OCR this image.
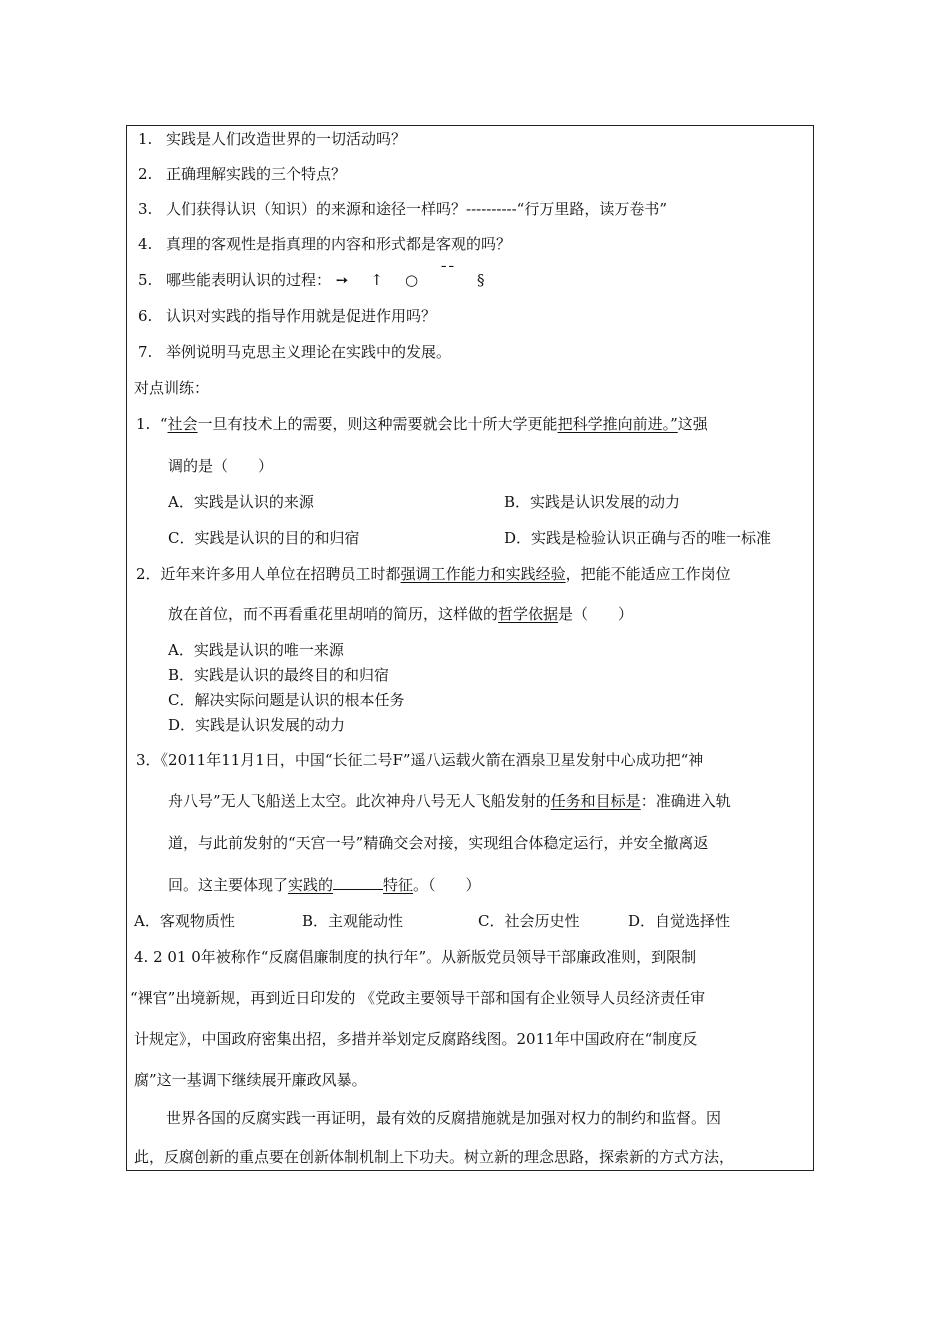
1. 实践是人们改造世界的一切活动吗？
2. 正确理解实践的三个特点？
3. 人们获得认识（知识）的来源和途径一样吗？----------“行万里路，读万卷书”
4. 真理的客观性是指真理的内容和形式都是客观的吗？
5. 哪些能表明认识的过程： ➙ ↑ ○ ¯¯ §
6. 认识对实践的指导作用就是促进作用吗？
7. 举例说明马克思主义理论在实践中的发展。
对点训练：
1. “社会一旦有技术上的需要，则这种需要就会比十所大学更能把科学推向前进。”这强
调的是（　　）
A．实践是认识的来源	B．实践是认识发展的动力
C．实践是认识的目的和归宿	D．实践是检验认识正确与否的唯一标准
2．近年来许多用人单位在招聘员工时都强调工作能力和实践经验，把能不能适应工作岗位
放在首位，而不再看重花里胡哨的简历，这样做的哲学依据是（　　）
A．实践是认识的唯一来源
B．实践是认识的最终目的和归宿
C．解决实际问题是认识的根本任务
D．实践是认识发展的动力
3．《2011年11月1日，中国“长征二号F”遥八运载火箭在酒泉卫星发射中心成功把“神
舟八号”无人飞船送上太空。此次神舟八号无人飞船发射的任务和目标是：准确进入轨
道，与此前发射的“天宫一号”精确交会对接，实现组合体稳定运行，并安全撤离返
回。这主要体现了实践的	特征。（　　）
A．客观物质性	B．主观能动性	C．社会历史性	D．自觉选择性
4. 2 01 0年被称作“反腐倡廉制度的执行年”。从新版党员领导干部廉政准则，到限制
“裸官”出境新规，再到近日印发的 《党政主要领导干部和国有企业领导人员经济责任审
计规定》，中国政府密集出招，多措并举划定反腐路线图。2011年中国政府在“制度反
腐”这一基调下继续展开廉政风暴。
世界各国的反腐实践一再证明，最有效的反腐措施就是加强对权力的制约和监督。因
此，反腐创新的重点要在创新体制机制上下功夫。树立新的理念思路，探索新的方式方法，
